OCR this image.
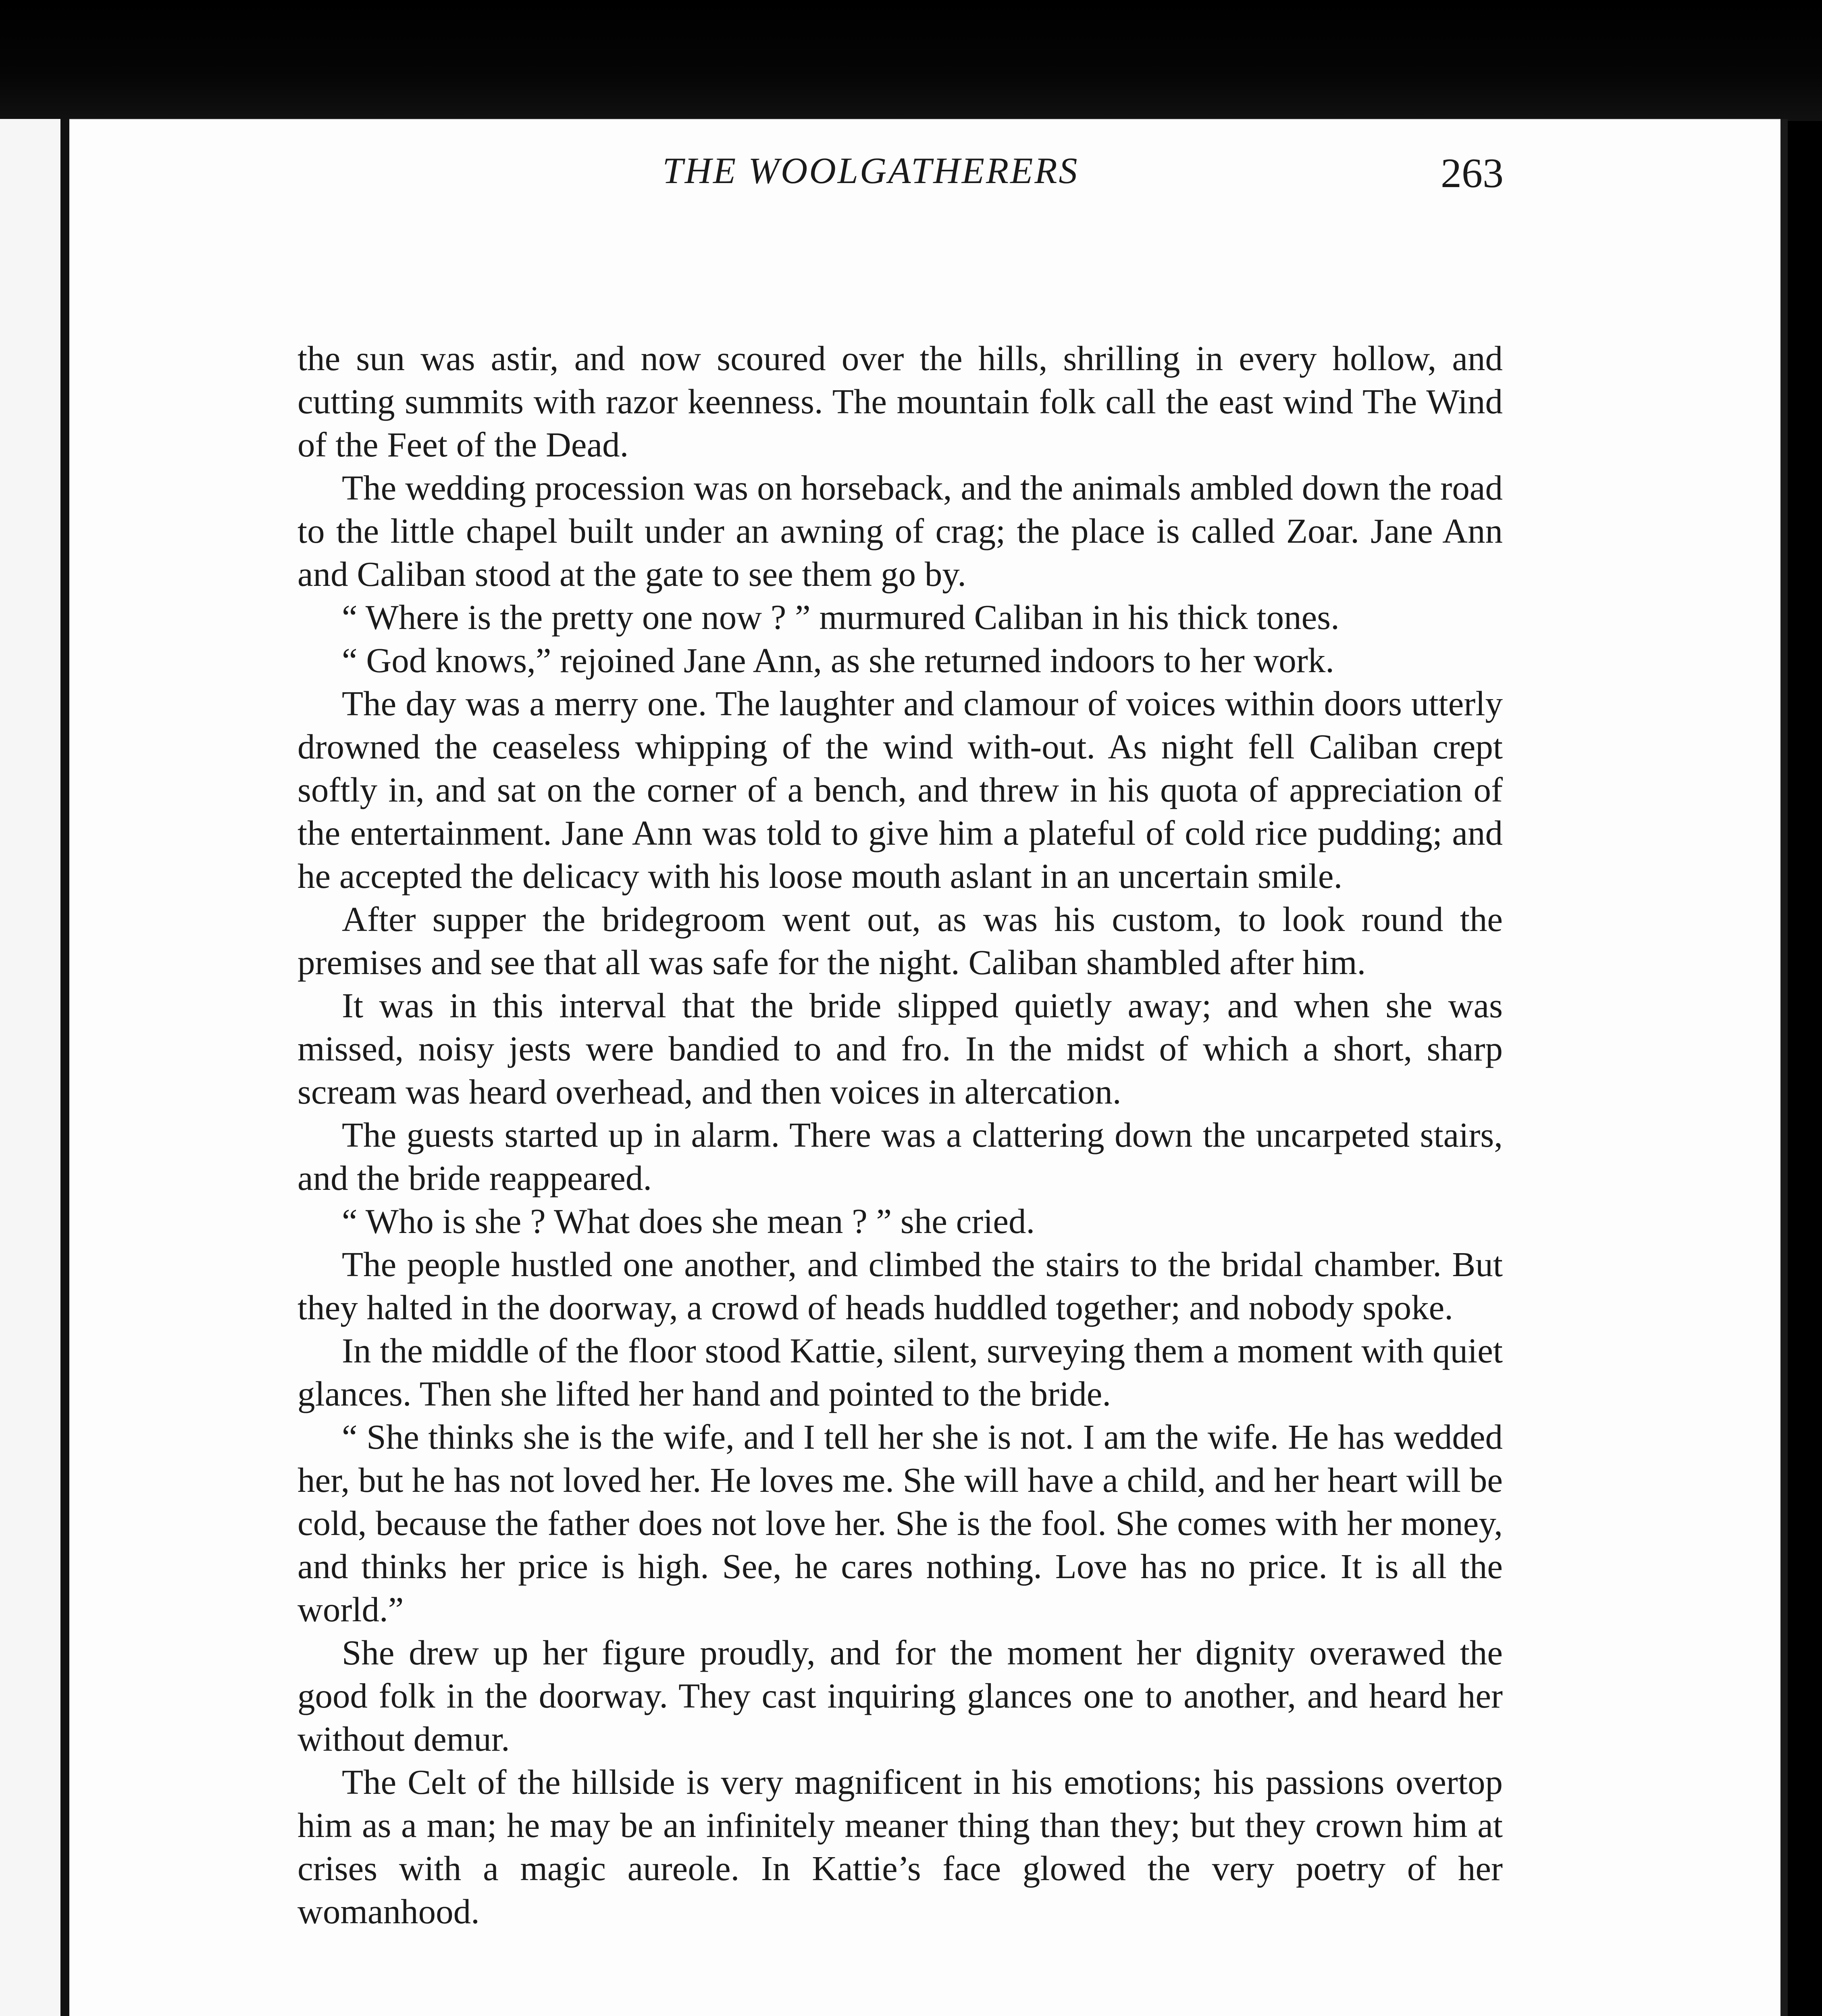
THE WOOLGATHERERS	263

the sun was astir, and now scoured over the hills, shrilling in every hollow, and cutting summits with razor keenness. The mountain folk call the east wind The Wind of the Feet of the Dead.

The wedding procession was on horseback, and the animals ambled down the road to the little chapel built under an awning of crag; the place is called Zoar. Jane Ann and Caliban stood at the gate to see them go by.

“ Where is the pretty one now ? ” murmured Caliban in his thick tones.

“ God knows,” rejoined Jane Ann, as she returned indoors to her work.

The day was a merry one. The laughter and clamour of voices within doors utterly drowned the ceaseless whipping of the wind with-out. As night fell Caliban crept softly in, and sat on the corner of a bench, and threw in his quota of appreciation of the entertainment. Jane Ann was told to give him a plateful of cold rice pudding; and he accepted the delicacy with his loose mouth aslant in an uncertain smile.

After supper the bridegroom went out, as was his custom, to look round the premises and see that all was safe for the night. Caliban shambled after him.

It was in this interval that the bride slipped quietly away; and when she was missed, noisy jests were bandied to and fro. In the midst of which a short, sharp scream was heard overhead, and then voices in altercation.

The guests started up in alarm. There was a clattering down the uncarpeted stairs, and the bride reappeared.

“ Who is she ? What does she mean ? ” she cried.

The people hustled one another, and climbed the stairs to the bridal chamber. But they halted in the doorway, a crowd of heads huddled together; and nobody spoke.

In the middle of the floor stood Kattie, silent, surveying them a moment with quiet glances. Then she lifted her hand and pointed to the bride.

“ She thinks she is the wife, and I tell her she is not. I am the wife. He has wedded her, but he has not loved her. He loves me. She will have a child, and her heart will be cold, because the father does not love her. She is the fool. She comes with her money, and thinks her price is high. See, he cares nothing. Love has no price. It is all the world.”

She drew up her figure proudly, and for the moment her dignity overawed the good folk in the doorway. They cast inquiring glances one to another, and heard her without demur.

The Celt of the hillside is very magnificent in his emotions; his passions overtop him as a man; he may be an infinitely meaner thing than they; but they crown him at crises with a magic aureole. In Kattie’s face glowed the very poetry of her womanhood.
